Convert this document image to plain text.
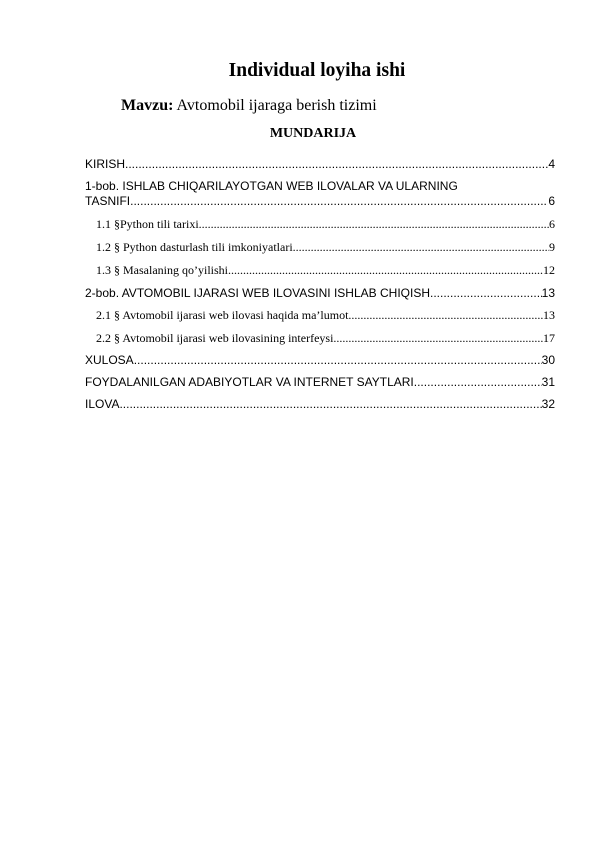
Individual loyiha ishi
Mavzu: Avtomobil ijaraga berish tizimi
MUNDARIJA
KIRISH .....	4
1-bob. ISHLAB CHIQARILAYOTGAN WEB ILOVALAR VA ULARNING
TASNIFI .....	6
1.1 §Python tili tarixi .....	6
1.2 § Python dasturlash tili imkoniyatlari .....	9
1.3 § Masalaning qo’yilishi .....	12
2-bob. AVTOMOBIL IJARASI WEB ILOVASINI ISHLAB CHIQISH .....	13
2.1 § Avtomobil ijarasi web ilovasi haqida ma’lumot .....	13
2.2 § Avtomobil ijarasi web ilovasining interfeysi .....	17
XULOSA .....	30
FOYDALANILGAN ADABIYOTLAR VA INTERNET SAYTLARI .....	31
ILOVA .....	32
